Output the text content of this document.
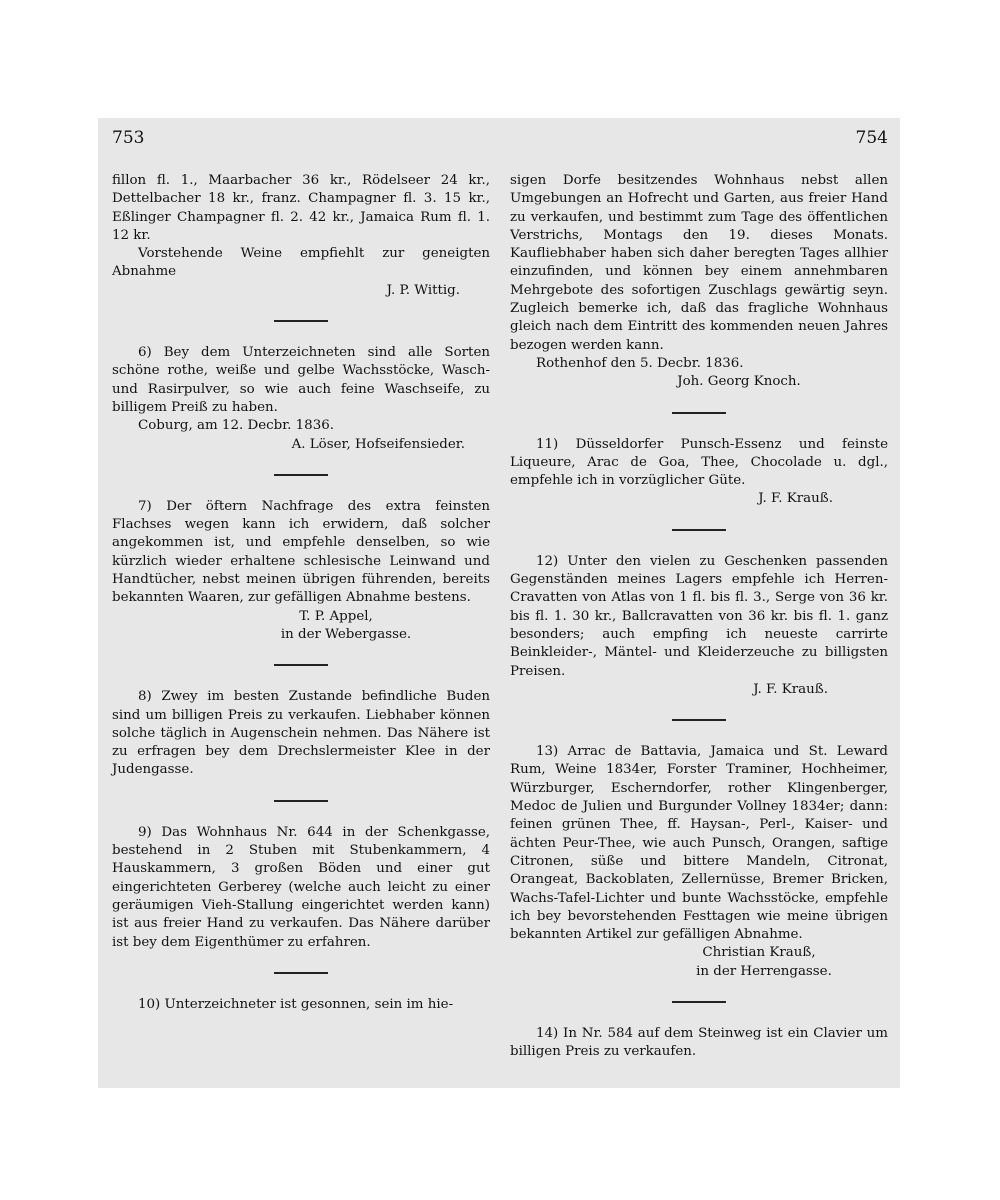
753	754

fillon fl. 1., Maarbacher 36 kr., Rödelseer 24 kr., Dettelbacher 18 kr., franz. Champagner fl. 3. 15 kr., Eßlinger Champagner fl. 2. 42 kr., Jamaica Rum fl. 1. 12 kr.

Vorstehende Weine empfiehlt zur geneigten Abnahme

J. P. Wittig.

6) Bey dem Unterzeichneten sind alle Sorten schöne rothe, weiße und gelbe Wachsstöcke, Wasch- und Rasirpulver, so wie auch feine Waschseife, zu billigem Preiß zu haben.

Coburg, am 12. Decbr. 1836.

A. Löser, Hofseifensieder.

7) Der öftern Nachfrage des extra feinsten Flachses wegen kann ich erwidern, daß solcher angekommen ist, und empfehle denselben, so wie kürzlich wieder erhaltene schlesische Leinwand und Handtücher, nebst meinen übrigen führenden, bereits bekannten Waaren, zur gefälligen Abnahme bestens.

T. P. Appel,

in der Webergasse.

8) Zwey im besten Zustande befindliche Buden sind um billigen Preis zu verkaufen. Liebhaber können solche täglich in Augenschein nehmen. Das Nähere ist zu erfragen bey dem Drechslermeister Klee in der Judengasse.

9) Das Wohnhaus Nr. 644 in der Schenkgasse, bestehend in 2 Stuben mit Stubenkammern, 4 Hauskammern, 3 großen Böden und einer gut eingerichteten Gerberey (welche auch leicht zu einer geräumigen Vieh-Stallung eingerichtet werden kann) ist aus freier Hand zu verkaufen. Das Nähere darüber ist bey dem Eigenthümer zu erfahren.

10) Unterzeichneter ist gesonnen, sein im hie-

sigen Dorfe besitzendes Wohnhaus nebst allen Umgebungen an Hofrecht und Garten, aus freier Hand zu verkaufen, und bestimmt zum Tage des öffentlichen Verstrichs, Montags den 19. dieses Monats. Kaufliebhaber haben sich daher beregten Tages allhier einzufinden, und können bey einem annehmbaren Mehrgebote des sofortigen Zuschlags gewärtig seyn. Zugleich bemerke ich, daß das fragliche Wohnhaus gleich nach dem Eintritt des kommenden neuen Jahres bezogen werden kann.

Rothenhof den 5. Decbr. 1836.

Joh. Georg Knoch.

11) Düsseldorfer Punsch-Essenz und feinste Liqueure, Arac de Goa, Thee, Chocolade u. dgl., empfehle ich in vorzüglicher Güte.

J. F. Krauß.

12) Unter den vielen zu Geschenken passenden Gegenständen meines Lagers empfehle ich Herren-Cravatten von Atlas von 1 fl. bis fl. 3., Serge von 36 kr. bis fl. 1. 30 kr., Ballcravatten von 36 kr. bis fl. 1. ganz besonders; auch empfing ich neueste carrirte Beinkleider-, Mäntel- und Kleiderzeuche zu billigsten Preisen.

J. F. Krauß.

13) Arrac de Battavia, Jamaica und St. Leward Rum, Weine 1834er, Forster Traminer, Hochheimer, Würzburger, Escherndorfer, rother Klingenberger, Medoc de Julien und Burgunder Vollney 1834er; dann: feinen grünen Thee, ff. Haysan-, Perl-, Kaiser- und ächten Peur-Thee, wie auch Punsch, Orangen, saftige Citronen, süße und bittere Mandeln, Citronat, Orangeat, Backoblaten, Zellernüsse, Bremer Bricken, Wachs-Tafel-Lichter und bunte Wachsstöcke, empfehle ich bey bevorstehenden Festtagen wie meine übrigen bekannten Artikel zur gefälligen Abnahme.

Christian Krauß,

in der Herrengasse.

14) In Nr. 584 auf dem Steinweg ist ein Clavier um billigen Preis zu verkaufen.
